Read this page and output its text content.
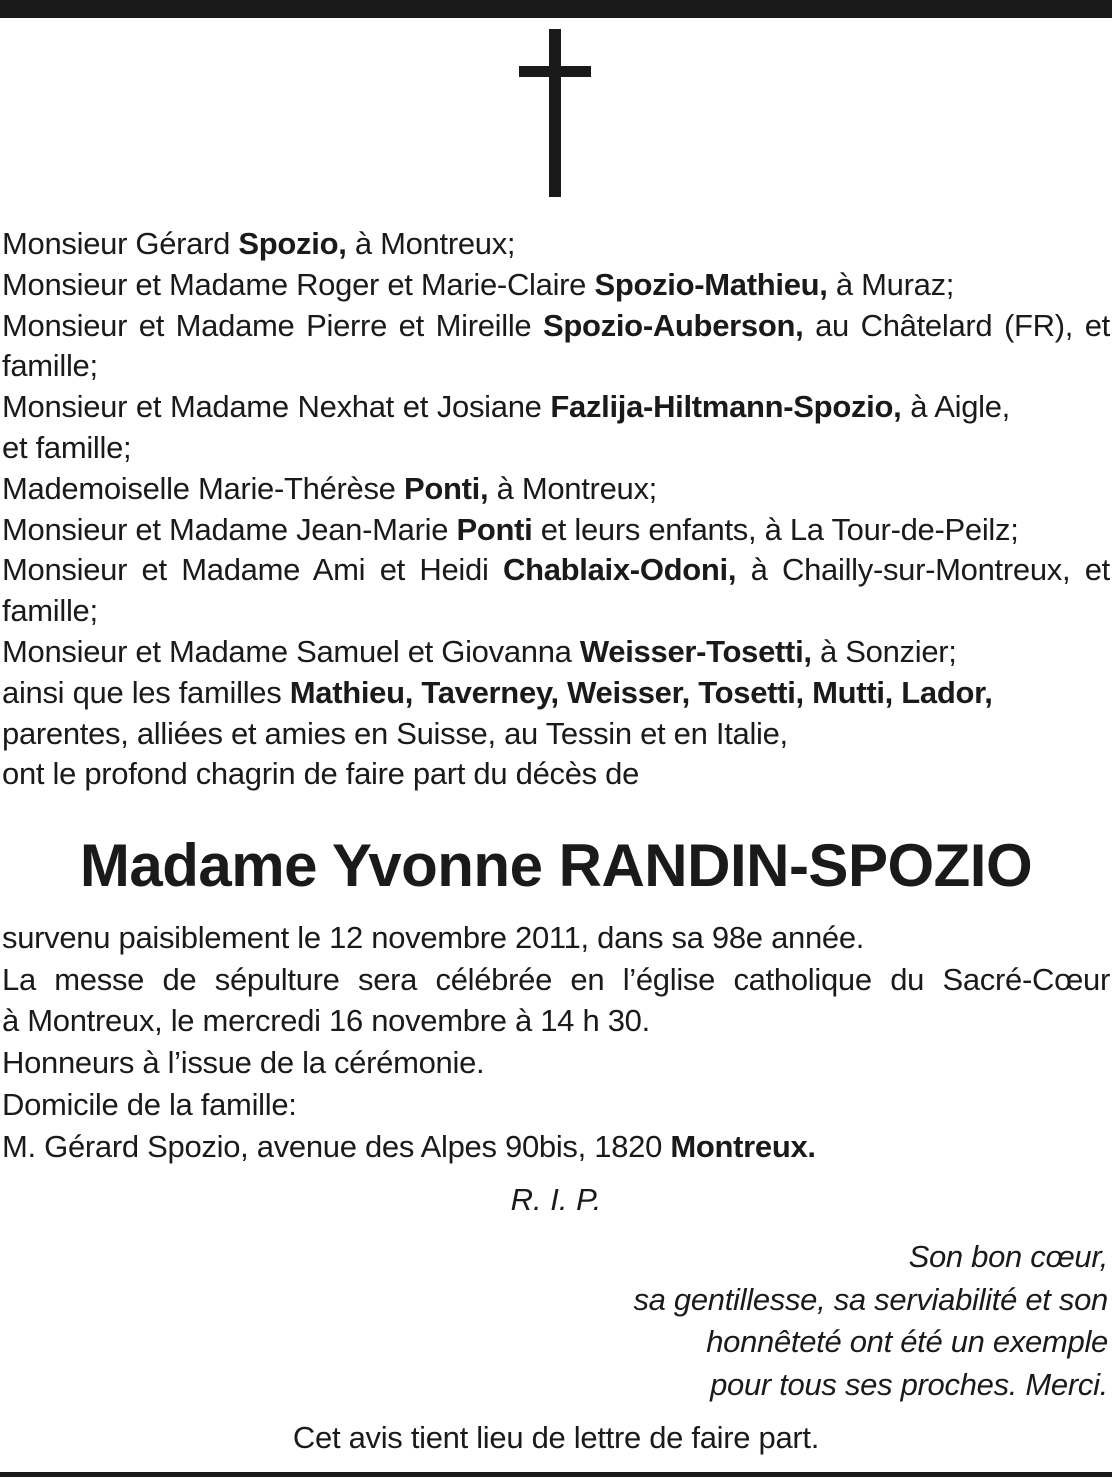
Monsieur Gérard Spozio, à Montreux;
Monsieur et Madame Roger et Marie-Claire Spozio-Mathieu, à Muraz;
Monsieur et Madame Pierre et Mireille Spozio-Auberson, au Châtelard (FR), et famille;
Monsieur et Madame Nexhat et Josiane Fazlija-Hiltmann-Spozio, à Aigle, et famille;
Mademoiselle Marie-Thérèse Ponti, à Montreux;
Monsieur et Madame Jean-Marie Ponti et leurs enfants, à La Tour-de-Peilz;
Monsieur et Madame Ami et Heidi Chablaix-Odoni, à Chailly-sur-Montreux, et famille;
Monsieur et Madame Samuel et Giovanna Weisser-Tosetti, à Sonzier;
ainsi que les familles Mathieu, Taverney, Weisser, Tosetti, Mutti, Lador,
parentes, alliées et amies en Suisse, au Tessin et en Italie,
ont le profond chagrin de faire part du décès de
Madame Yvonne RANDIN-SPOZIO
survenu paisiblement le 12 novembre 2011, dans sa 98e année.
La messe de sépulture sera célébrée en l’église catholique du Sacré-Cœur
à Montreux, le mercredi 16 novembre à 14 h 30.
Honneurs à l’issue de la cérémonie.
Domicile de la famille:
M. Gérard Spozio, avenue des Alpes 90bis, 1820 Montreux.
R. I. P.
Son bon cœur,
sa gentillesse, sa serviabilité et son
honnêteté ont été un exemple
pour tous ses proches. Merci.
Cet avis tient lieu de lettre de faire part.
